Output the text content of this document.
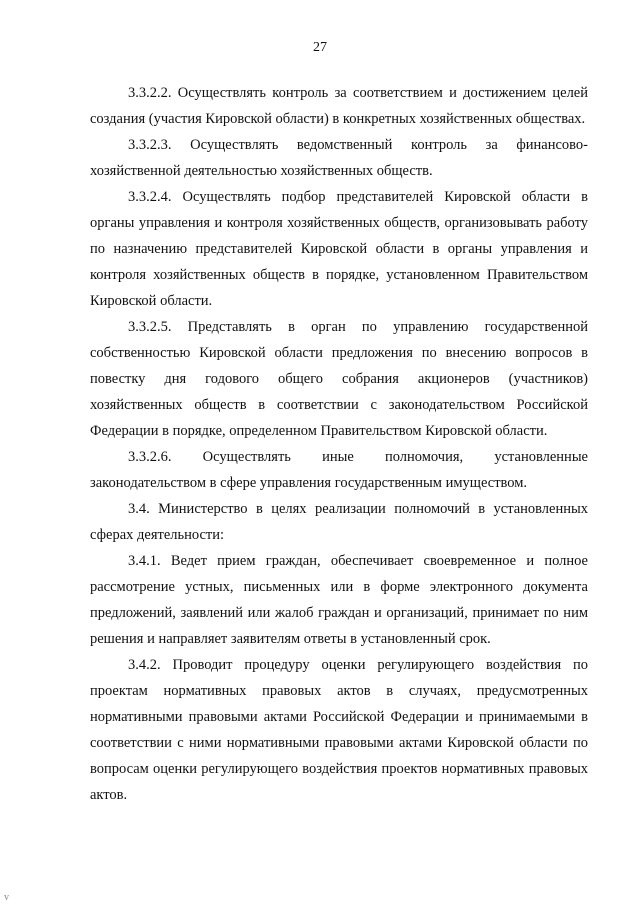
27

3.3.2.2. Осуществлять контроль за соответствием и достижением целей создания (участия Кировской области) в конкретных хозяйственных обществах.

3.3.2.3. Осуществлять ведомственный контроль за финансово-хозяйственной деятельностью хозяйственных обществ.

3.3.2.4. Осуществлять подбор представителей Кировской области в органы управления и контроля хозяйственных обществ, организовывать работу по назначению представителей Кировской области в органы управления и контроля хозяйственных обществ в порядке, установленном Правительством Кировской области.

3.3.2.5. Представлять в орган по управлению государственной собственностью Кировской области предложения по внесению вопросов в повестку дня годового общего собрания акционеров (участников) хозяйственных обществ в соответствии с законодательством Российской Федерации в порядке, определенном Правительством Кировской области.

3.3.2.6. Осуществлять иные полномочия, установленные законодательством в сфере управления государственным имуществом.

3.4. Министерство в целях реализации полномочий в установленных сферах деятельности:

3.4.1. Ведет прием граждан, обеспечивает своевременное и полное рассмотрение устных, письменных или в форме электронного документа предложений, заявлений или жалоб граждан и организаций, принимает по ним решения и направляет заявителям ответы в установленный срок.

3.4.2. Проводит процедуру оценки регулирующего воздействия по проектам нормативных правовых актов в случаях, предусмотренных нормативными правовыми актами Российской Федерации и принимаемыми в соответствии с ними нормативными правовыми актами Кировской области по вопросам оценки регулирующего воздействия проектов нормативных правовых актов.

v
